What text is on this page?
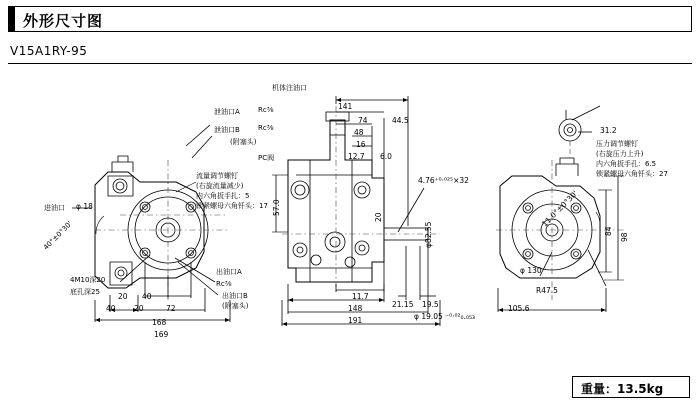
外形尺寸图
V15A1RY-95
机体注油口
泄油口A	Rc³⁄₈
泄油口B	Rc³⁄₈
(附塞头)
PC阀
流量调节螺钉
(右旋流量减少)
内六角扳手扎：5
锁紧螺母六角钎头：17
进油口 φ 18
40°±0°30'
4M10深20
底孔深25
出油口A
Rc³⁄₈
出油口B
(附塞头)
141
74	44.5
48
16
12.7 6.0
57.0
20
11.7
148
191
169
4.76⁺⁰·⁰²⁵×32
φ82.55
21.15 19.5
φ 19.05 ⁻⁰·⁰²₀.₀₅₃
40 20
20 40
72
168
31.2
压力调节螺钉
(右旋压力上升)
内六角扳手孔：6.5
锁紧螺母六角钎头：27
84
98
11.0°±0°30'
φ 130
R47.5
105.6
重量：13.5kg
